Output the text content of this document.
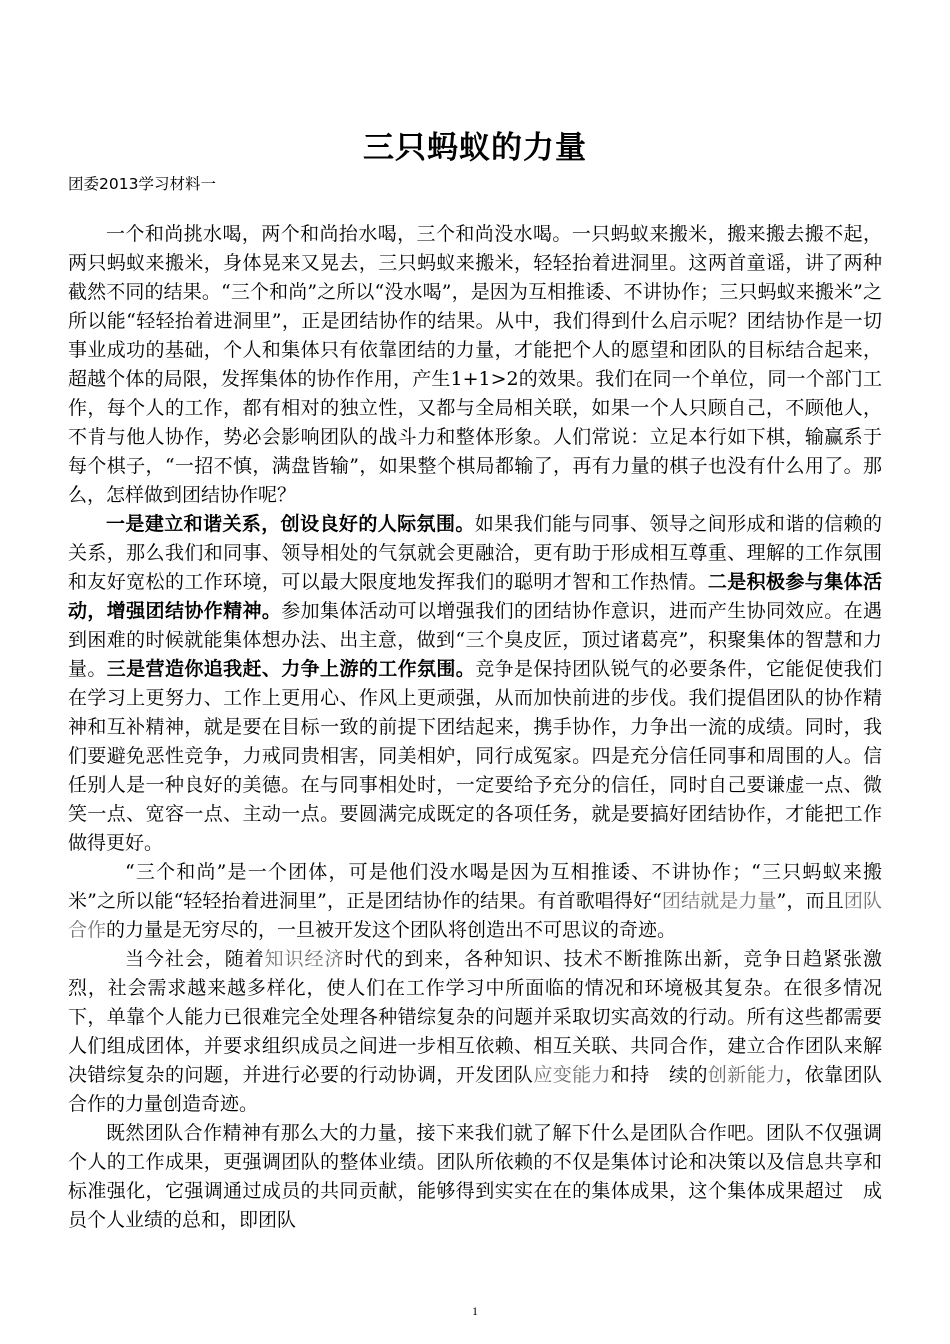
三只蚂蚁的力量
团委2013学习材料一

一个和尚挑水喝，两个和尚抬水喝，三个和尚没水喝。一只蚂蚁来搬米，搬来搬去搬不起，两只蚂蚁来搬米，身体晃来又晃去，三只蚂蚁来搬米，轻轻抬着进洞里。这两首童谣，讲了两种截然不同的结果。“三个和尚”之所以“没水喝”，是因为互相推诿、不讲协作；三只蚂蚁来搬米”之所以能“轻轻抬着进洞里”，正是团结协作的结果。从中，我们得到什么启示呢？团结协作是一切事业成功的基础，个人和集体只有依靠团结的力量，才能把个人的愿望和团队的目标结合起来，超越个体的局限，发挥集体的协作作用，产生1+1>2的效果。我们在同一个单位，同一个部门工作，每个人的工作，都有相对的独立性，又都与全局相关联，如果一个人只顾自己，不顾他人，不肯与他人协作，势必会影响团队的战斗力和整体形象。人们常说：立足本行如下棋，输赢系于每个棋子，“一招不慎，满盘皆输”，如果整个棋局都输了，再有力量的棋子也没有什么用了。那么，怎样做到团结协作呢？

一是建立和谐关系，创设良好的人际氛围。如果我们能与同事、领导之间形成和谐的信赖的关系，那么我们和同事、领导相处的气氛就会更融洽，更有助于形成相互尊重、理解的工作氛围和友好宽松的工作环境，可以最大限度地发挥我们的聪明才智和工作热情。二是积极参与集体活动，增强团结协作精神。参加集体活动可以增强我们的团结协作意识，进而产生协同效应。在遇到困难的时候就能集体想办法、出主意，做到“三个臭皮匠，顶过诸葛亮”，积聚集体的智慧和力量。三是营造你追我赶、力争上游的工作氛围。竞争是保持团队锐气的必要条件，它能促使我们在学习上更努力、工作上更用心、作风上更顽强，从而加快前进的步伐。我们提倡团队的协作精神和互补精神，就是要在目标一致的前提下团结起来，携手协作，力争出一流的成绩。同时，我们要避免恶性竞争，力戒同贵相害，同美相妒，同行成冤家。四是充分信任同事和周围的人。信任别人是一种良好的美德。在与同事相处时，一定要给予充分的信任，同时自己要谦虚一点、微笑一点、宽容一点、主动一点。要圆满完成既定的各项任务，就是要搞好团结协作，才能把工作做得更好。

“三个和尚”是一个团体，可是他们没水喝是因为互相推诿、不讲协作；“三只蚂蚁来搬米”之所以能“轻轻抬着进洞里”，正是团结协作的结果。有首歌唱得好“团结就是力量”，而且团队合作的力量是无穷尽的，一旦被开发这个团队将创造出不可思议的奇迹。

当今社会，随着知识经济时代的到来，各种知识、技术不断推陈出新，竞争日趋紧张激烈，社会需求越来越多样化，使人们在工作学习中所面临的情况和环境极其复杂。在很多情况下，单靠个人能力已很难完全处理各种错综复杂的问题并采取切实高效的行动。所有这些都需要人们组成团体，并要求组织成员之间进一步相互依赖、相互关联、共同合作，建立合作团队来解决错综复杂的问题，并进行必要的行动协调，开发团队应变能力和持　续的创新能力，依靠团队合作的力量创造奇迹。

既然团队合作精神有那么大的力量，接下来我们就了解下什么是团队合作吧。团队不仅强调个人的工作成果，更强调团队的整体业绩。团队所依赖的不仅是集体讨论和决策以及信息共享和标准强化，它强调通过成员的共同贡献，能够得到实实在在的集体成果，这个集体成果超过　成员个人业绩的总和，即团队

1
